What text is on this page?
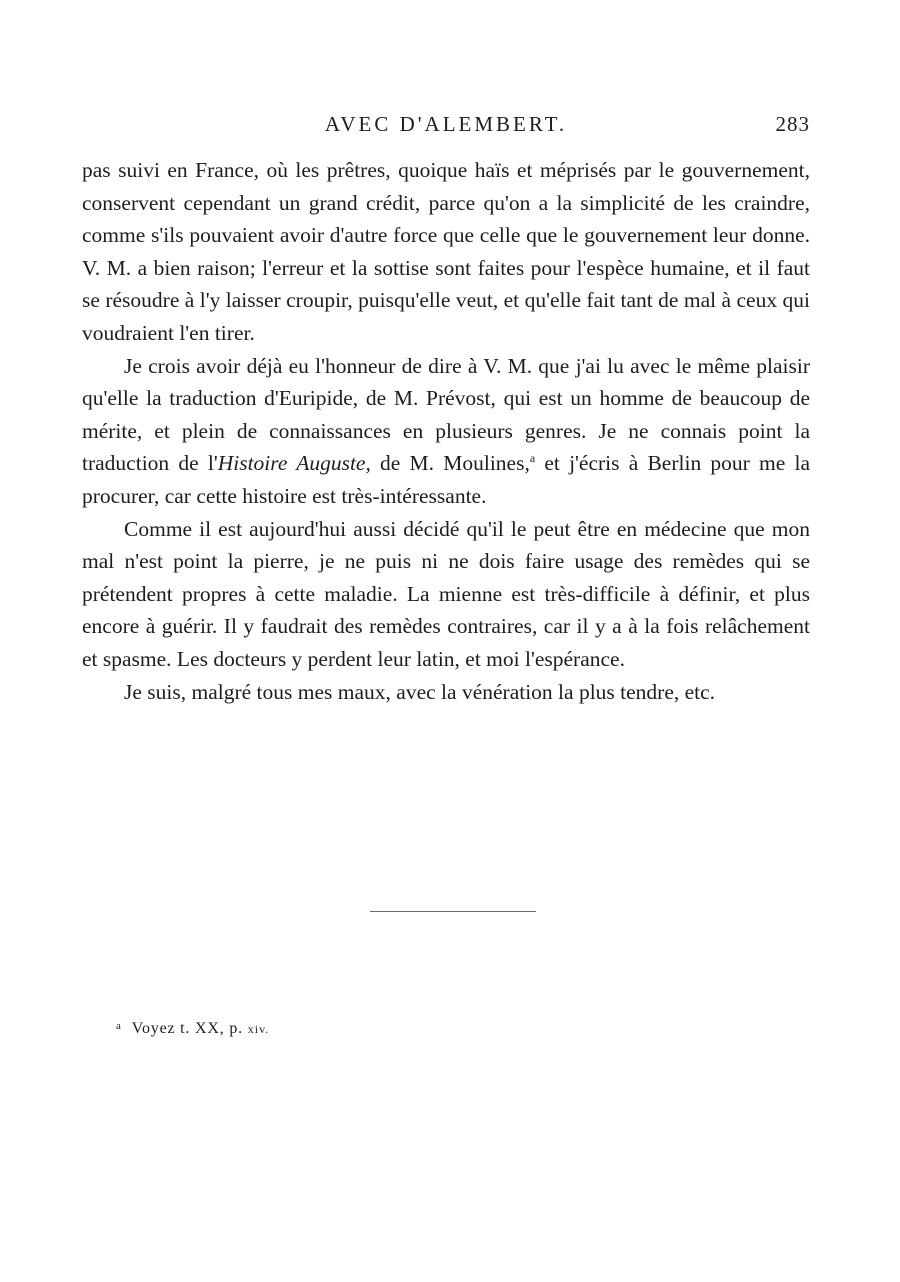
AVEC D'ALEMBERT.	283

pas suivi en France, où les prêtres, quoique haïs et méprisés par le gouvernement, conservent cependant un grand crédit, parce qu'on a la simplicité de les craindre, comme s'ils pouvaient avoir d'autre force que celle que le gouvernement leur donne. V. M. a bien raison; l'erreur et la sottise sont faites pour l'espèce humaine, et il faut se résoudre à l'y laisser croupir, puisqu'elle veut, et qu'elle fait tant de mal à ceux qui voudraient l'en tirer.

Je crois avoir déjà eu l'honneur de dire à V. M. que j'ai lu avec le même plaisir qu'elle la traduction d'Euripide, de M. Prévost, qui est un homme de beaucoup de mérite, et plein de connaissances en plusieurs genres. Je ne connais point la traduction de l'Histoire Auguste, de M. Moulines,$^a$ et j'écris à Berlin pour me la procurer, car cette histoire est très-intéressante.

Comme il est aujourd'hui aussi décidé qu'il le peut être en médecine que mon mal n'est point la pierre, je ne puis ni ne dois faire usage des remèdes qui se prétendent propres à cette maladie. La mienne est très-difficile à définir, et plus encore à guérir. Il y faudrait des remèdes contraires, car il y a à la fois relâchement et spasme. Les docteurs y perdent leur latin, et moi l'espérance.

Je suis, malgré tous mes maux, avec la vénération la plus tendre, etc.

$^a$ Voyez t. XX, p. xiv.
